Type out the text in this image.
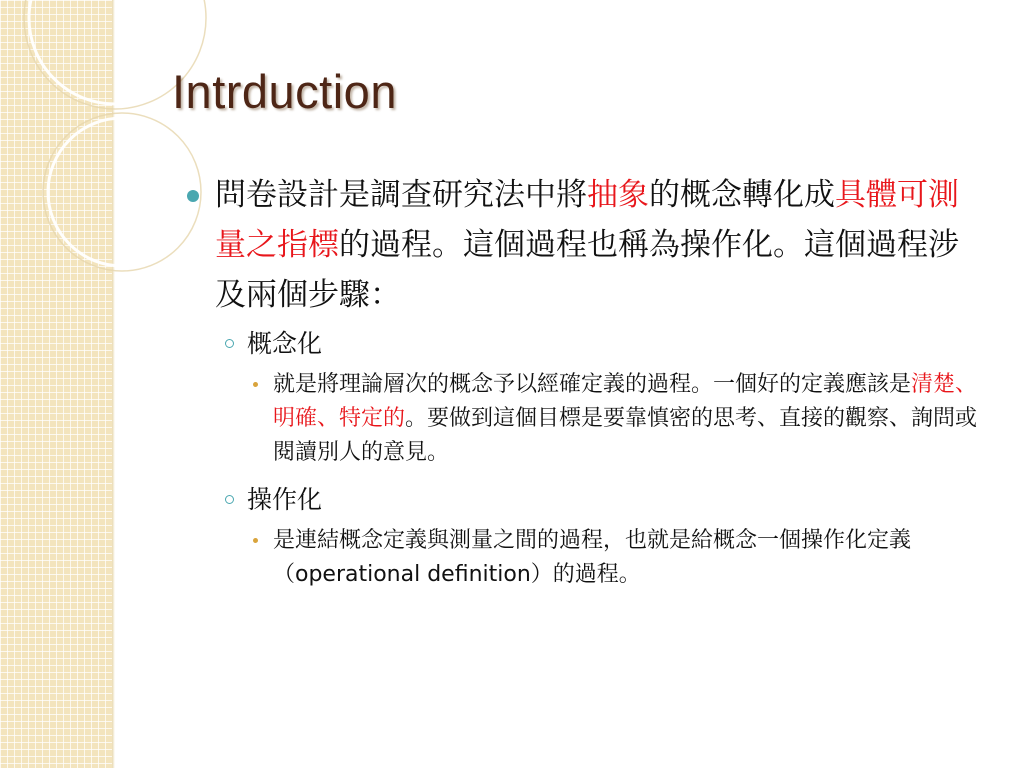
Intrduction
問卷設計是調查研究法中將抽象的概念轉化成具體可測量之指標的過程。這個過程也稱為操作化。這個過程涉及兩個步驟：
概念化
就是將理論層次的概念予以經確定義的過程。一個好的定義應該是清楚、明確、特定的。要做到這個目標是要靠慎密的思考、直接的觀察、詢問或閱讀別人的意見。
操作化
是連結概念定義與測量之間的過程，也就是給概念一個操作化定義（operational definition）的過程。
